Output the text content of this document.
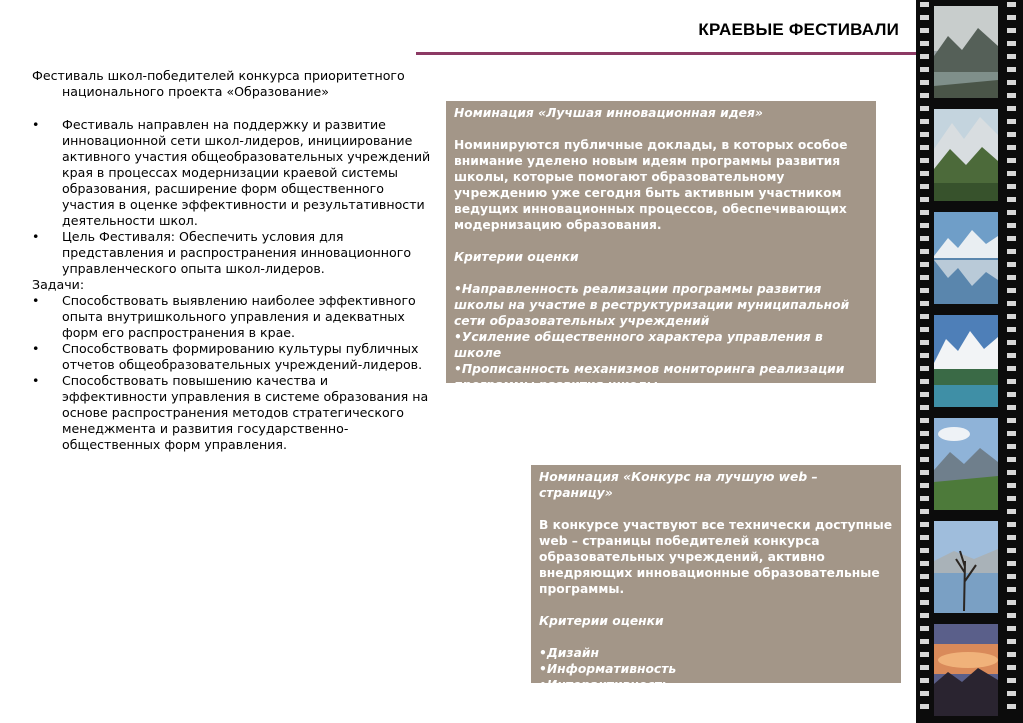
КРАЕВЫЕ ФЕСТИВАЛИ

Фестиваль школ-победителей конкурса приоритетного национального проекта «Образование»

• Фестиваль направлен на поддержку и развитие инновационной сети школ-лидеров, инициирование активного участия общеобразовательных учреждений края в процессах модернизации краевой системы образования, расширение форм общественного участия в оценке эффективности и результативности деятельности школ.
• Цель Фестиваля: Обеспечить условия для представления и распространения инновационного управленческого опыта школ-лидеров.

Задачи:

• Способствовать выявлению наиболее эффективного опыта внутришкольного управления и адекватных форм его распространения в крае.
• Способствовать формированию культуры публичных отчетов общеобразовательных учреждений-лидеров.
• Способствовать повышению качества и эффективности управления в системе образования на основе распространения методов стратегического менеджмента и развития государственно-общественных форм управления.

Номинация «Лучшая инновационная идея»

Номинируются публичные доклады, в которых особое внимание уделено новым идеям программы развития школы, которые помогают образовательному учреждению уже сегодня быть активным участником ведущих инновационных процессов, обеспечивающих модернизацию образования.

Критерии оценки

•Направленность реализации программы развития школы на участие в реструктуризации муниципальной сети образовательных учреждений
•Усиление общественного характера управления в школе
•Прописанность механизмов мониторинга реализации программы развития школы

Номинация «Конкурс на лучшую web – страницу»

В конкурсе участвуют все технически доступные web – страницы победителей конкурса образовательных учреждений, активно внедряющих инновационные образовательные программы.

Критерии оценки

•Дизайн
•Информативность
•Интерактивность
